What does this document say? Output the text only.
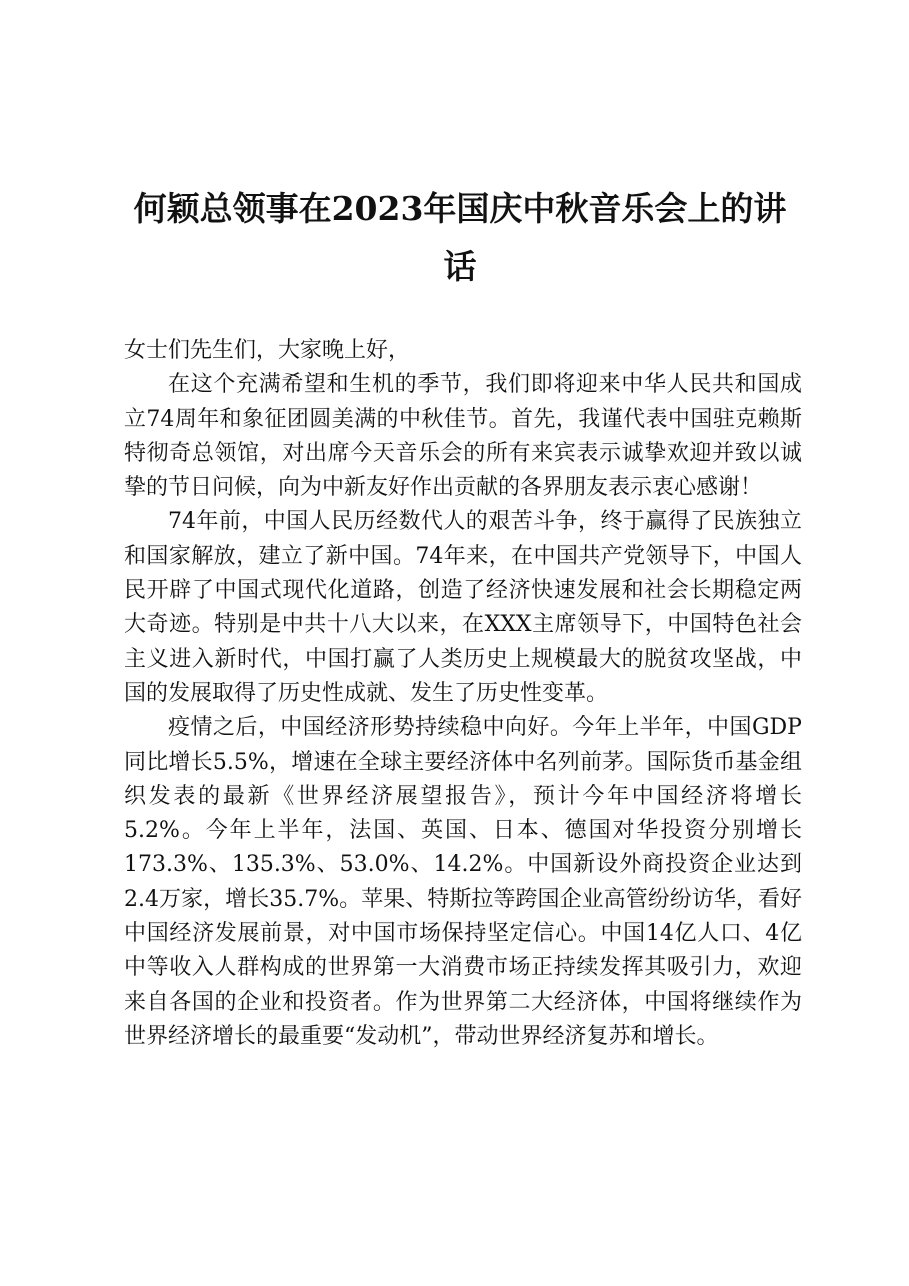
何颖总领事在2023年国庆中秋音乐会上的讲话

女士们先生们，大家晚上好，

在这个充满希望和生机的季节，我们即将迎来中华人民共和国成立74周年和象征团圆美满的中秋佳节。首先，我谨代表中国驻克赖斯特彻奇总领馆，对出席今天音乐会的所有来宾表示诚挚欢迎并致以诚挚的节日问候，向为中新友好作出贡献的各界朋友表示衷心感谢！

74年前，中国人民历经数代人的艰苦斗争，终于赢得了民族独立和国家解放，建立了新中国。74年来，在中国共产党领导下，中国人民开辟了中国式现代化道路，创造了经济快速发展和社会长期稳定两大奇迹。特别是中共十八大以来，在XXX主席领导下，中国特色社会主义进入新时代，中国打赢了人类历史上规模最大的脱贫攻坚战，中国的发展取得了历史性成就、发生了历史性变革。

疫情之后，中国经济形势持续稳中向好。今年上半年，中国GDP同比增长5.5%，增速在全球主要经济体中名列前茅。国际货币基金组织发表的最新《世界经济展望报告》，预计今年中国经济将增长5.2%。今年上半年，法国、英国、日本、德国对华投资分别增长173.3%、135.3%、53.0%、14.2%。中国新设外商投资企业达到2.4万家，增长35.7%。苹果、特斯拉等跨国企业高管纷纷访华，看好中国经济发展前景，对中国市场保持坚定信心。中国14亿人口、4亿中等收入人群构成的世界第一大消费市场正持续发挥其吸引力，欢迎来自各国的企业和投资者。作为世界第二大经济体，中国将继续作为世界经济增长的最重要“发动机”，带动世界经济复苏和增长。
